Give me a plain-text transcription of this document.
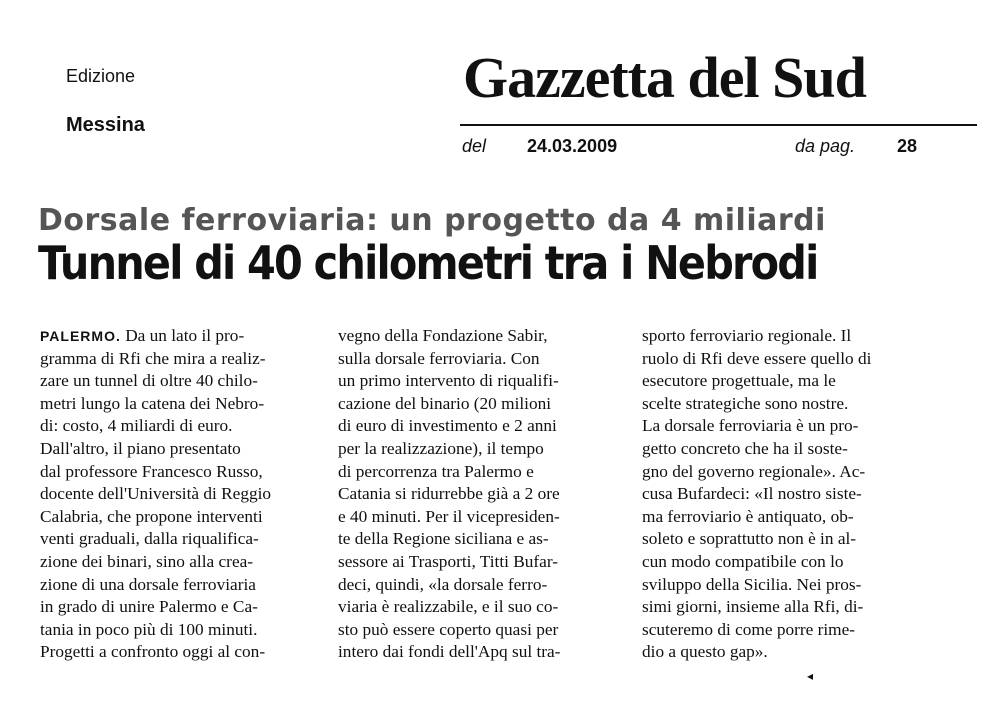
Edizione
Messina
Gazzetta del Sud
del 24.03.2009	da pag. 28
Dorsale ferroviaria: un progetto da 4 miliardi
Tunnel di 40 chilometri tra i Nebrodi
PALERMO. Da un lato il pro-
gramma di Rfi che mira a realiz-
zare un tunnel di oltre 40 chilo-
metri lungo la catena dei Nebro-
di: costo, 4 miliardi di euro.
Dall'altro, il piano presentato
dal professore Francesco Russo,
docente dell'Università di Reggio
Calabria, che propone interventi
venti graduali, dalla riqualifica-
zione dei binari, sino alla crea-
zione di una dorsale ferroviaria
in grado di unire Palermo e Ca-
tania in poco più di 100 minuti.
Progetti a confronto oggi al con-
vegno della Fondazione Sabir,
sulla dorsale ferroviaria. Con
un primo intervento di riqualifi-
cazione del binario (20 milioni
di euro di investimento e 2 anni
per la realizzazione), il tempo
di percorrenza tra Palermo e
Catania si ridurrebbe già a 2 ore
e 40 minuti. Per il vicepresiden-
te della Regione siciliana e as-
sessore ai Trasporti, Titti Bufar-
deci, quindi, «la dorsale ferro-
viaria è realizzabile, e il suo co-
sto può essere coperto quasi per
intero dai fondi dell'Apq sul tra-
sporto ferroviario regionale. Il
ruolo di Rfi deve essere quello di
esecutore progettuale, ma le
scelte strategiche sono nostre.
La dorsale ferroviaria è un pro-
getto concreto che ha il soste-
gno del governo regionale». Ac-
cusa Bufardeci: «Il nostro siste-
ma ferroviario è antiquato, ob-
soleto e soprattutto non è in al-
cun modo compatibile con lo
sviluppo della Sicilia. Nei pros-
simi giorni, insieme alla Rfi, di-
scuteremo di come porre rime-
dio a questo gap».
◂
